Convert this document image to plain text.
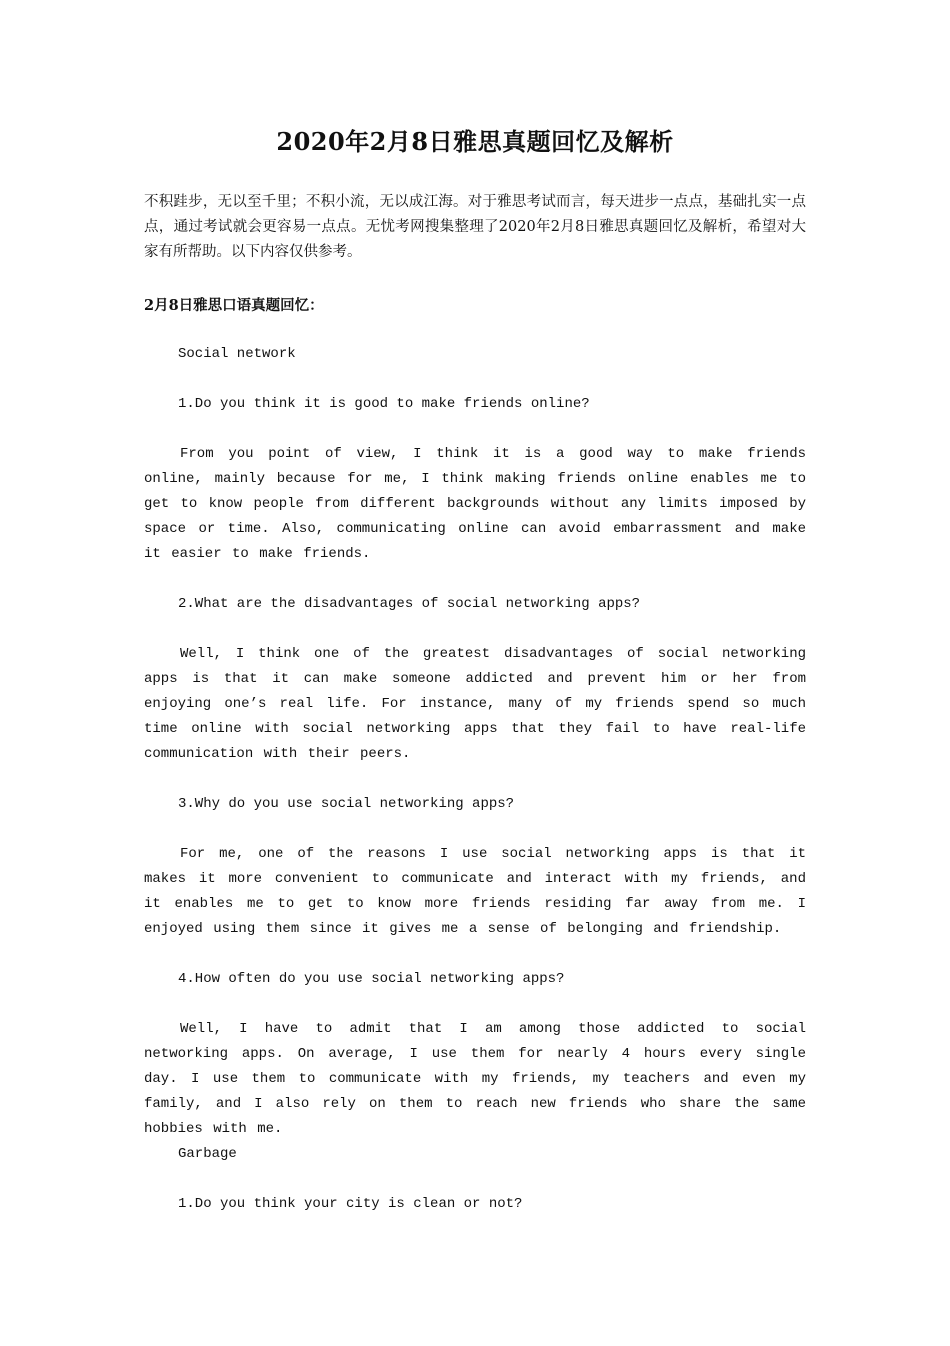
2020年2月8日雅思真题回忆及解析

不积跬步，无以至千里；不积小流，无以成江海。对于雅思考试而言，每天进步一点点，基础扎实一点点，通过考试就会更容易一点点。无忧考网搜集整理了2020年2月8日雅思真题回忆及解析，希望对大家有所帮助。以下内容仅供参考。

2月8日雅思口语真题回忆：

Social network

1.Do you think it is good to make friends online?

From you point of view, I think it is a good way to make friends online, mainly because for me, I think making friends online enables me to get to know people from different backgrounds without any limits imposed by space or time. Also, communicating online can avoid embarrassment and make it easier to make friends.

2.What are the disadvantages of social networking apps?

Well, I think one of the greatest disadvantages of social networking apps is that it can make someone addicted and prevent him or her from enjoying one’s real life. For instance, many of my friends spend so much time online with social networking apps that they fail to have real-life communication with their peers.

3.Why do you use social networking apps?

For me, one of the reasons I use social networking apps is that it makes it more convenient to communicate and interact with my friends, and it enables me to get to know more friends residing far away from me. I enjoyed using them since it gives me a sense of belonging and friendship.

4.How often do you use social networking apps?

Well, I have to admit that I am among those addicted to social networking apps. On average, I use them for nearly 4 hours every single day. I use them to communicate with my friends, my teachers and even my family, and I also rely on them to reach new friends who share the same hobbies with me.

Garbage

1.Do you think your city is clean or not?
